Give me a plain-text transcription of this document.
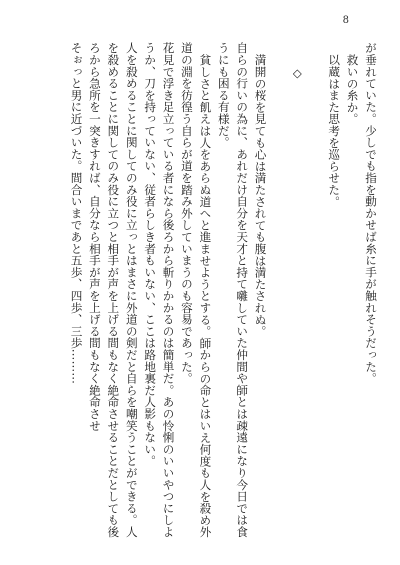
8

が垂れていた。少しでも指を動かせば糸に手が触れそうだった。

救いの糸か。

以蔵はまた思考を巡らせた。

◇

満開の桜を見ても心は満たされても腹は満たされぬ。

自らの行いの為に、あれだけ自分を天才と持て囃していた仲間や師とは疎遠になり今日では食うにも困る有様だ。

貧しさと飢えは人をあらぬ道へと進ませようとする。師からの命とはいえ何度も人を殺め外道の淵を彷徨う自らが道を踏み外していまうのも容易であった。

花見で浮き足立っている者になら後ろから斬りかかるのは簡単だ。あの怜悧のいいやつにしようか、刀を持っていない、従者らしき者もいない、ここは路地裏だ人影もない。

人を殺めることに関してのみ役に立っとはまさに外道の剣だと自らを嘲笑うことができる。人を殺めることに関してのみ役に立つと相手が声を上げる間もなく絶命させることだとしても後ろから急所を一突きすれば、自分なら相手が声を上げる間もなく絶命させ

そぉっと男に近づいた。間合いまであと五歩、四歩、三歩………
